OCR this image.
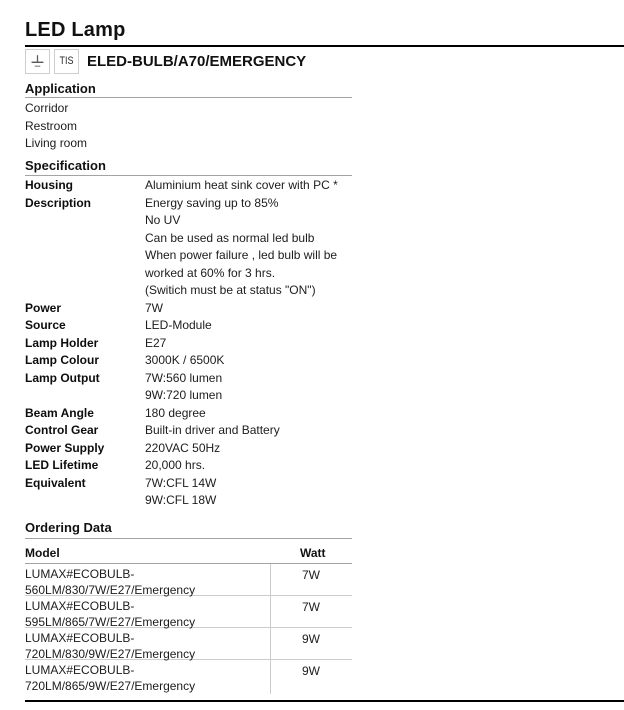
LED Lamp
TIS ELED-BULB/A70/EMERGENCY
Application
Corridor
Restroom
Living room
Specification
Housing	Aluminium heat sink cover with PC *
Description	Energy saving up to 85%
No UV
Can be used as normal led bulb
When power failure , led bulb will be
worked at 60% for 3 hrs.
(Switich must be at status "ON")
Power	7W
Source	LED-Module
Lamp Holder	E27
Lamp Colour	3000K / 6500K
Lamp Output	7W:560 lumen
9W:720 lumen
Beam Angle	180 degree
Control Gear	Built-in driver and Battery
Power Supply	220VAC 50Hz
LED Lifetime	20,000 hrs.
Equivalent	7W:CFL 14W
9W:CFL 18W
Ordering Data
Model	Watt
LUMAX#ECOBULB-
560LM/830/7W/E27/Emergency
7W
LUMAX#ECOBULB-
595LM/865/7W/E27/Emergency
7W
LUMAX#ECOBULB-
720LM/830/9W/E27/Emergency
9W
LUMAX#ECOBULB-
720LM/865/9W/E27/Emergency
9W
